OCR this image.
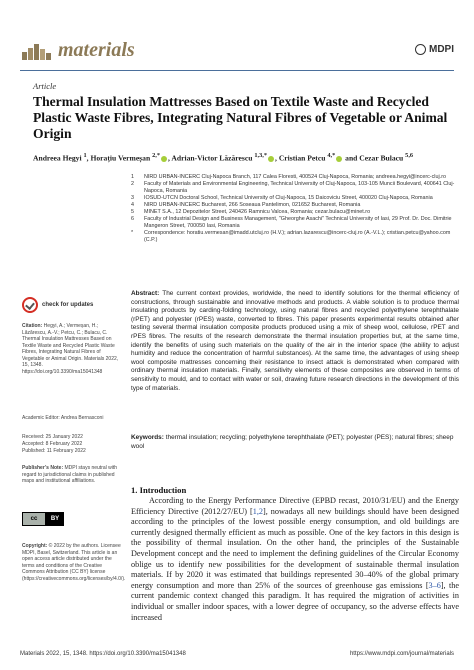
materials	MDPI
Article
Thermal Insulation Mattresses Based on Textile Waste and Recycled Plastic Waste Fibres, Integrating Natural Fibres of Vegetable or Animal Origin
Andreea Hegyi $^1$, Horațiu Vermeșan $^{2,*}$ , Adrian-Victor Lăzărescu $^{1,3,*}$ , Cristian Petcu $^{4,*}$ and Cezar Bulacu $^{5,6}$
1	NIRD URBAN-INCERC Cluj-Napoca Branch, 117 Calea Floresti, 400524 Cluj-Napoca, Romania; andreea.hegyi@incerc-cluj.ro
2	Faculty of Materials and Environmental Engineering, Technical University of Cluj-Napoca, 103-105 Muncii Boulevard, 400641 Cluj-Napoca, Romania
3	IOSUD-UTCN Doctoral School, Technical University of Cluj-Napoca, 15 Daicoviciu Street, 400020 Cluj-Napoca, Romania
4	NIRD URBAN-INCERC Bucharest, 266 Soseaua Pantelimon, 021652 Bucharest, Romania
5	MINET S.A., 12 Depozitelor Street, 240426 Ramnicu Valcea, Romania; cezar.bulacu@minet.ro
6	Faculty of Industrial Design and Business Management, "Gheorghe Asachi" Technical University of Iasi, 29 Prof. Dr. Doc. Dimitrie Mangeron Street, 700050 Iasi, Romania
*	Correspondence: horatiu.vermesan@imadd.utcluj.ro (H.V.); adrian.lazarescu@incerc-cluj.ro (A.-V.L.); cristian.petcu@yahoo.com (C.P.)

Abstract: The current context provides, worldwide, the need to identify solutions for the thermal efficiency of constructions, through sustainable and innovative methods and products. A viable solution is to produce thermal insulating products by carding-folding technology, using natural fibres and recycled polyethylene terephthalate (rPET) and polyester (rPES) waste, converted to fibres. This paper presents experimental results obtained after testing several thermal insulation composite products produced using a mix of sheep wool, cellulose, rPET and rPES fibres. The results of the research demonstrate the thermal insulation properties but, at the same time, identify the benefits of using such materials on the quality of the air in the interior space (the ability to adjust humidity and reduce the concentration of harmful substances). At the same time, the advantages of using sheep wool composite mattresses concerning their resistance to insect attack is demonstrated when compared with ordinary thermal insulation materials. Finally, sensitivity elements of these composites are observed in terms of sensitivity to mould, and to contact with water or soil, drawing future research directions in the development of this type of materials.

Keywords: thermal insulation; recycling; polyethylene terephthalate (PET); polyester (PES); natural fibres; sheep wool

1. Introduction

According to the Energy Performance Directive (EPBD recast, 2010/31/EU) and the Energy Efficiency Directive (2012/27/EU) [1,2], nowadays all new buildings should have been designed according to the principles of the lowest possible energy consumption, and old buildings are currently designed thermally efficient as much as possible. One of the key factors in this design is the possibility of thermal insulation. On the other hand, the principles of the Sustainable Development concept and the need to implement the defining guidelines of the Circular Economy oblige us to identify new possibilities for the development of sustainable thermal insulation materials. If by 2020 it was estimated that buildings represented 30–40% of the global primary energy consumption and more than 25% of the sources of greenhouse gas emissions [3–6], the current pandemic context changed this paradigm. It has required the migration of activities in individual or smaller indoor spaces, with a lower degree of occupancy, so the adverse effects have increased

check for updates
Citation: Hegyi, A.; Vermeșan, H.; Lăzărescu, A.-V.; Petcu, C.; Bulacu, C. Thermal Insulation Mattresses Based on Textile Waste and Recycled Plastic Waste Fibres, Integrating Natural Fibres of Vegetable or Animal Origin. Materials 2022, 15, 1348. https://doi.org/10.3390/ma15041348
Academic Editor: Andrea Bernasconi
Received: 25 January 2022
Accepted: 8 February 2022
Published: 11 February 2022
Publisher’s Note: MDPI stays neutral with regard to jurisdictional claims in published maps and institutional affiliations.
cc	BY
Copyright: © 2022 by the authors. Licensee MDPI, Basel, Switzerland. This article is an open access article distributed under the terms and conditions of the Creative Commons Attribution (CC BY) license (https://creativecommons.org/licenses/by/4.0/).
Materials 2022, 15, 1348. https://doi.org/10.3390/ma15041348	https://www.mdpi.com/journal/materials
